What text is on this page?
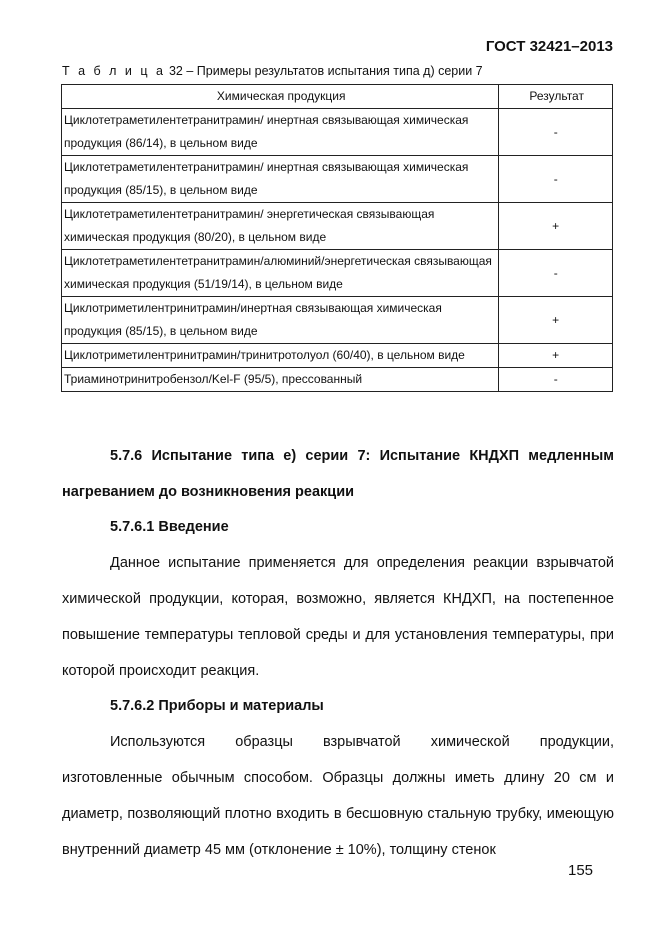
ГОСТ 32421–2013
Т а б л и ц а 32 – Примеры результатов испытания типа д) серии 7
Химическая продукция	Результат
Циклотетраметилентетранитрамин/ инертная связывающая химическая продукция (86/14), в цельном виде	-
Циклотетраметилентетранитрамин/ инертная связывающая химическая продукция (85/15), в цельном виде	-
Циклотетраметилентетранитрамин/ энергетическая связывающая химическая продукция (80/20), в цельном виде	+
Циклотетраметилентетранитрамин/алюминий/энергетическая связывающая химическая продукция (51/19/14), в цельном виде	-
Циклотриметилентринитрамин/инертная связывающая химическая продукция (85/15), в цельном виде	+
Циклотриметилентринитрамин/тринитротолуол (60/40), в цельном виде	+
Триаминотринитробензол/Kel-F (95/5), прессованный	-
5.7.6 Испытание типа е) серии 7: Испытание КНДХП медленным нагреванием до возникновения реакции
5.7.6.1 Введение
Данное испытание применяется для определения реакции взрывчатой химической продукции, которая, возможно, является КНДХП, на постепенное повышение температуры тепловой среды и для установления температуры, при которой происходит реакция.
5.7.6.2 Приборы и материалы
Используются образцы взрывчатой химической продукции, изготовленные обычным способом. Образцы должны иметь длину 20 см и диаметр, позволяющий плотно входить в бесшовную стальную трубку, имеющую внутренний диаметр 45 мм (отклонение ± 10%), толщину стенок
155
